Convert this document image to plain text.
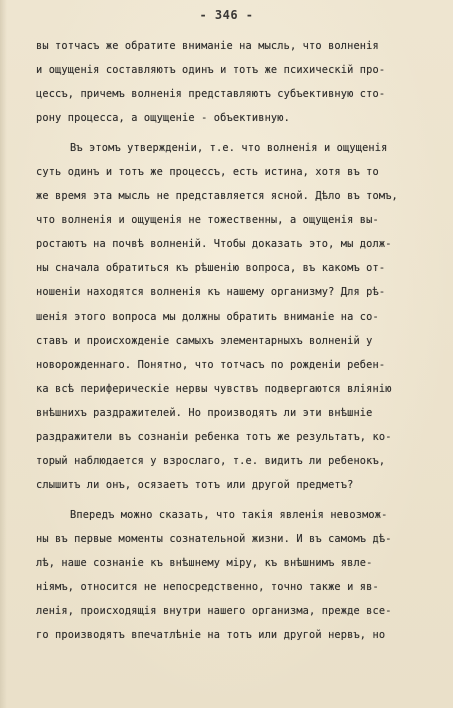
- 346 -
вы тотчасъ же обратите вниманіе на мысль, что волненія
и ощущенія составляютъ одинъ и тотъ же психическій про-
цессъ, причемъ волненія представляютъ субъективную сто-
рону процесса, а ощущеніе - объективную.
Въ этомъ утвержденіи, т.е. что волненія и ощущенія
суть одинъ и тотъ же процессъ, есть истина, хотя въ то
же время эта мысль не представляется ясной. Дѣло въ томъ,
что волненія и ощущенія не тожественны, а ощущенія вы-
ростаютъ на почвѣ волненій. Чтобы доказать это, мы долж-
ны сначала обратиться къ рѣшенію вопроса, въ какомъ от-
ношеніи находятся волненія къ нашему организму? Для рѣ-
шенія этого вопроса мы должны обратить вниманіе на со-
ставъ и происхожденіе самыхъ элементарныхъ волненій у
новорожденнаго. Понятно, что тотчасъ по рожденіи ребен-
ка всѣ периферическіе нервы чувствъ подвергаются вліянію
внѣшнихъ раздражителей. Но производятъ ли эти внѣшніе
раздражители въ сознаніи ребенка тотъ же результатъ, ко-
торый наблюдается у взрослаго, т.е. видитъ ли ребенокъ,
слышитъ ли онъ, осязаетъ тотъ или другой предметъ?
Впередъ можно сказать, что такія явленія невозмож-
ны въ первые моменты сознательной жизни. И въ самомъ дѣ-
лѣ, наше сознаніе къ внѣшнему міру, къ внѣшнимъ явле-
ніямъ, относится не непосредственно, точно также и яв-
ленія, происходящія внутри нашего организма, прежде все-
го производятъ впечатлѣніе на тотъ или другой нервъ, но
